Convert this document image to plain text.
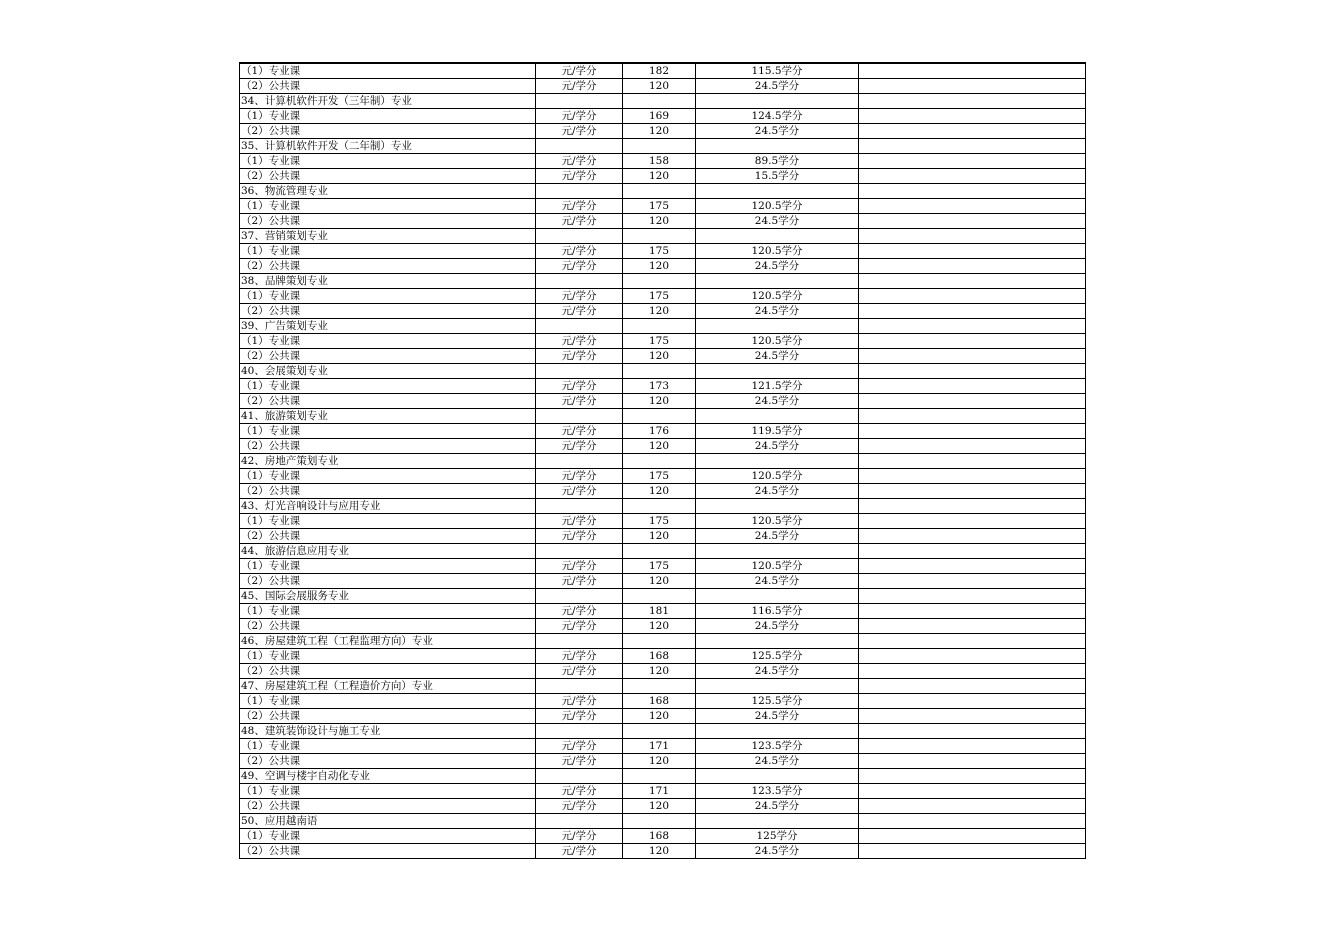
（1）专业课	元/学分	182	115.5学分	
（2）公共课	元/学分	120	24.5学分	
34、计算机软件开发（三年制）专业				
（1）专业课	元/学分	169	124.5学分	
（2）公共课	元/学分	120	24.5学分	
35、计算机软件开发（二年制）专业				
（1）专业课	元/学分	158	89.5学分	
（2）公共课	元/学分	120	15.5学分	
36、物流管理专业				
（1）专业课	元/学分	175	120.5学分	
（2）公共课	元/学分	120	24.5学分	
37、营销策划专业				
（1）专业课	元/学分	175	120.5学分	
（2）公共课	元/学分	120	24.5学分	
38、品牌策划专业				
（1）专业课	元/学分	175	120.5学分	
（2）公共课	元/学分	120	24.5学分	
39、广告策划专业				
（1）专业课	元/学分	175	120.5学分	
（2）公共课	元/学分	120	24.5学分	
40、会展策划专业				
（1）专业课	元/学分	173	121.5学分	
（2）公共课	元/学分	120	24.5学分	
41、旅游策划专业				
（1）专业课	元/学分	176	119.5学分	
（2）公共课	元/学分	120	24.5学分	
42、房地产策划专业				
（1）专业课	元/学分	175	120.5学分	
（2）公共课	元/学分	120	24.5学分	
43、灯光音响设计与应用专业				
（1）专业课	元/学分	175	120.5学分	
（2）公共课	元/学分	120	24.5学分	
44、旅游信息应用专业				
（1）专业课	元/学分	175	120.5学分	
（2）公共课	元/学分	120	24.5学分	
45、国际会展服务专业				
（1）专业课	元/学分	181	116.5学分	
（2）公共课	元/学分	120	24.5学分	
46、房屋建筑工程（工程监理方向）专业				
（1）专业课	元/学分	168	125.5学分	
（2）公共课	元/学分	120	24.5学分	
47、房屋建筑工程（工程造价方向）专业				
（1）专业课	元/学分	168	125.5学分	
（2）公共课	元/学分	120	24.5学分	
48、建筑装饰设计与施工专业				
（1）专业课	元/学分	171	123.5学分	
（2）公共课	元/学分	120	24.5学分	
49、空调与楼宇自动化专业				
（1）专业课	元/学分	171	123.5学分	
（2）公共课	元/学分	120	24.5学分	
50、应用越南语				
（1）专业课	元/学分	168	125学分	
（2）公共课	元/学分	120	24.5学分	
